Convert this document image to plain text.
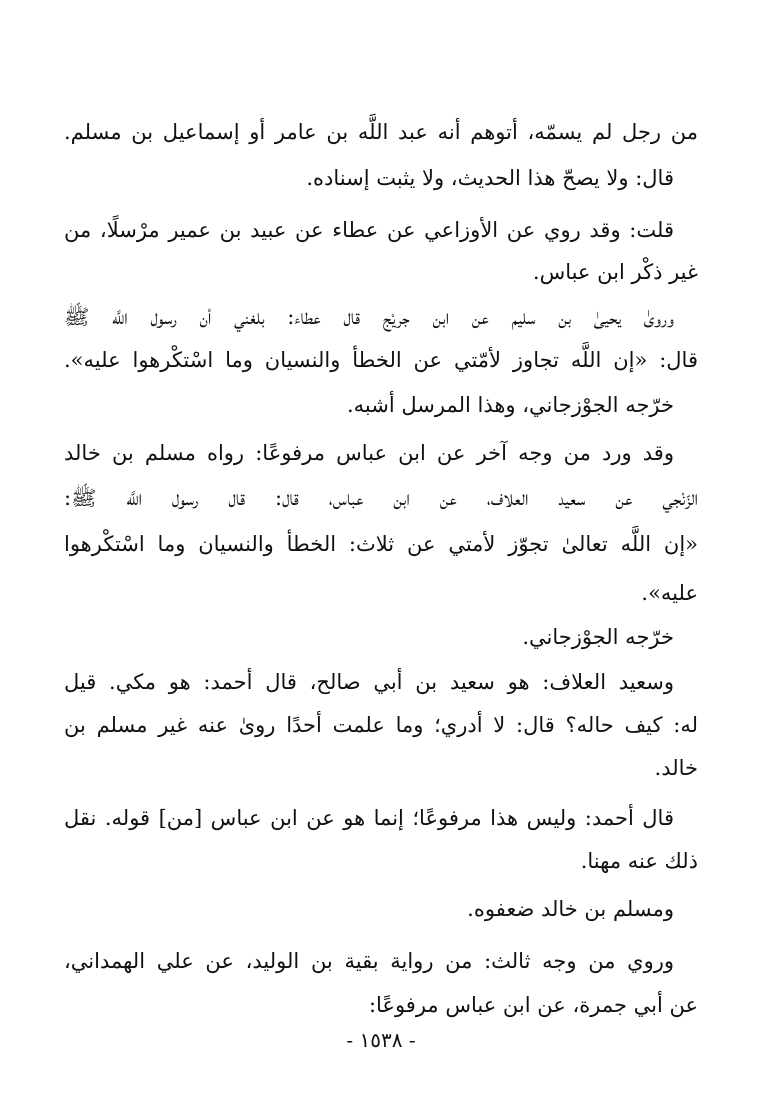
من رجل لم يسمّه، أتوهم أنه عبد اللَّه بن عامر أو إسماعيل بن مسلم.
قال: ولا يصحّ هذا الحديث، ولا يثبت إسناده.
قلت: وقد روي عن الأوزاعي عن عطاء عن عبيد بن عمير مرْسلًا، من
غير ذكْر ابن عباس.
وروىٰ يحيىٰ بن سليم عن ابن جريْج قال عطاء: بلغني أن رسول اللَّه ﷺ
قال: «إن اللَّه تجاوز لأمّتي عن الخطأ والنسيان وما اسْتكْرهوا عليه».
خرّجه الجوْزجاني، وهذا المرسل أشبه.
وقد ورد من وجه آخر عن ابن عباس مرفوعًا: رواه مسلم بن خالد
الزّنْجي عن سعيد العلاف، عن ابن عباس، قال: قال رسول اللَّه ﷺ:
«إن اللَّه تعالىٰ تجوّز لأمتي عن ثلاث: الخطأ والنسيان وما اسْتكْرهوا
عليه».
خرّجه الجوْزجاني.
وسعيد العلاف: هو سعيد بن أبي صالح، قال أحمد: هو مكي. قيل
له: كيف حاله؟ قال: لا أدري؛ وما علمت أحدًا روىٰ عنه غير مسلم بن
خالد.
قال أحمد: وليس هذا مرفوعًا؛ إنما هو عن ابن عباس [من] قوله. نقل
ذلك عنه مهنا.
ومسلم بن خالد ضعفوه.
وروي من وجه ثالث: من رواية بقية بن الوليد، عن علي الهمداني،
عن أبي جمرة، عن ابن عباس مرفوعًا:
- ١٥٣٨ -
